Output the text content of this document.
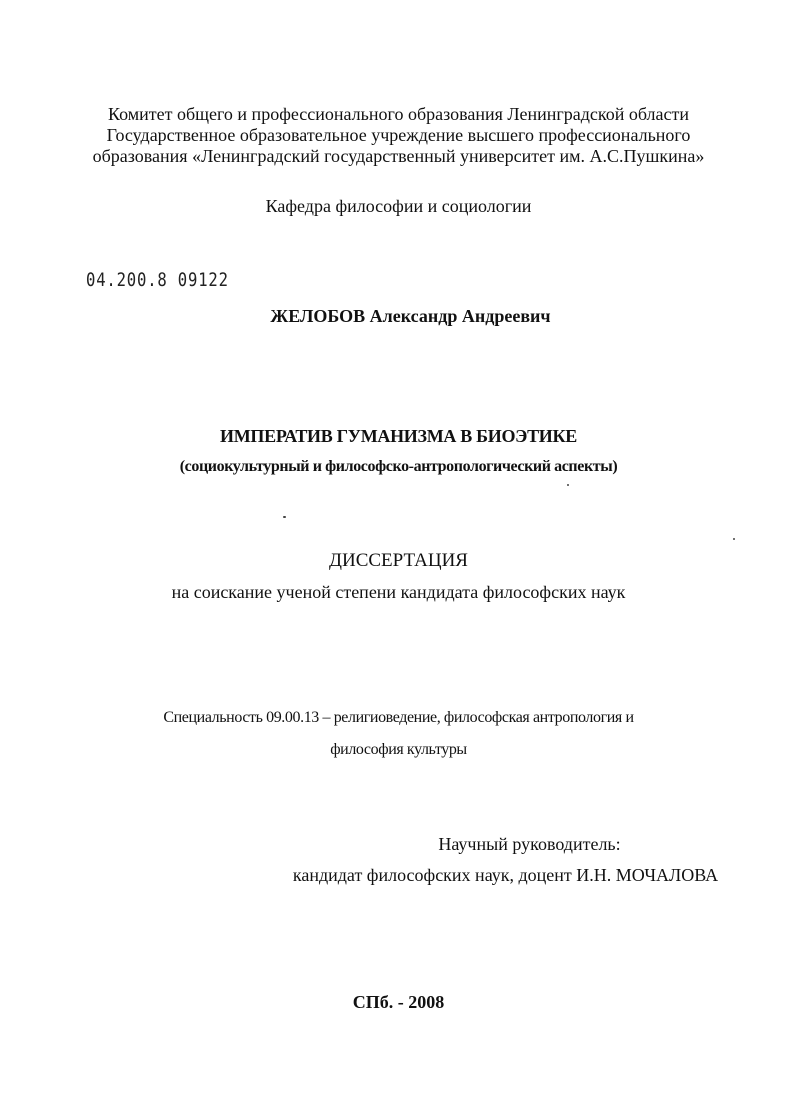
Комитет общего и профессионального образования Ленинградской области
Государственное образовательное учреждение высшего профессионального
образования «Ленинградский государственный университет им. А.С.Пушкина»
Кафедра философии и социологии
04.200.8 09122
ЖЕЛОБОВ Александр Андреевич
ИМПЕРАТИВ ГУМАНИЗМА В БИОЭТИКЕ
(социокультурный и философско-антропологический аспекты)
ДИССЕРТАЦИЯ
на соискание ученой степени кандидата философских наук
Специальность 09.00.13 – религиоведение, философская антропология и
философия культуры
Научный руководитель:
кандидат философских наук, доцент И.Н. МОЧАЛОВА
СПб. - 2008
